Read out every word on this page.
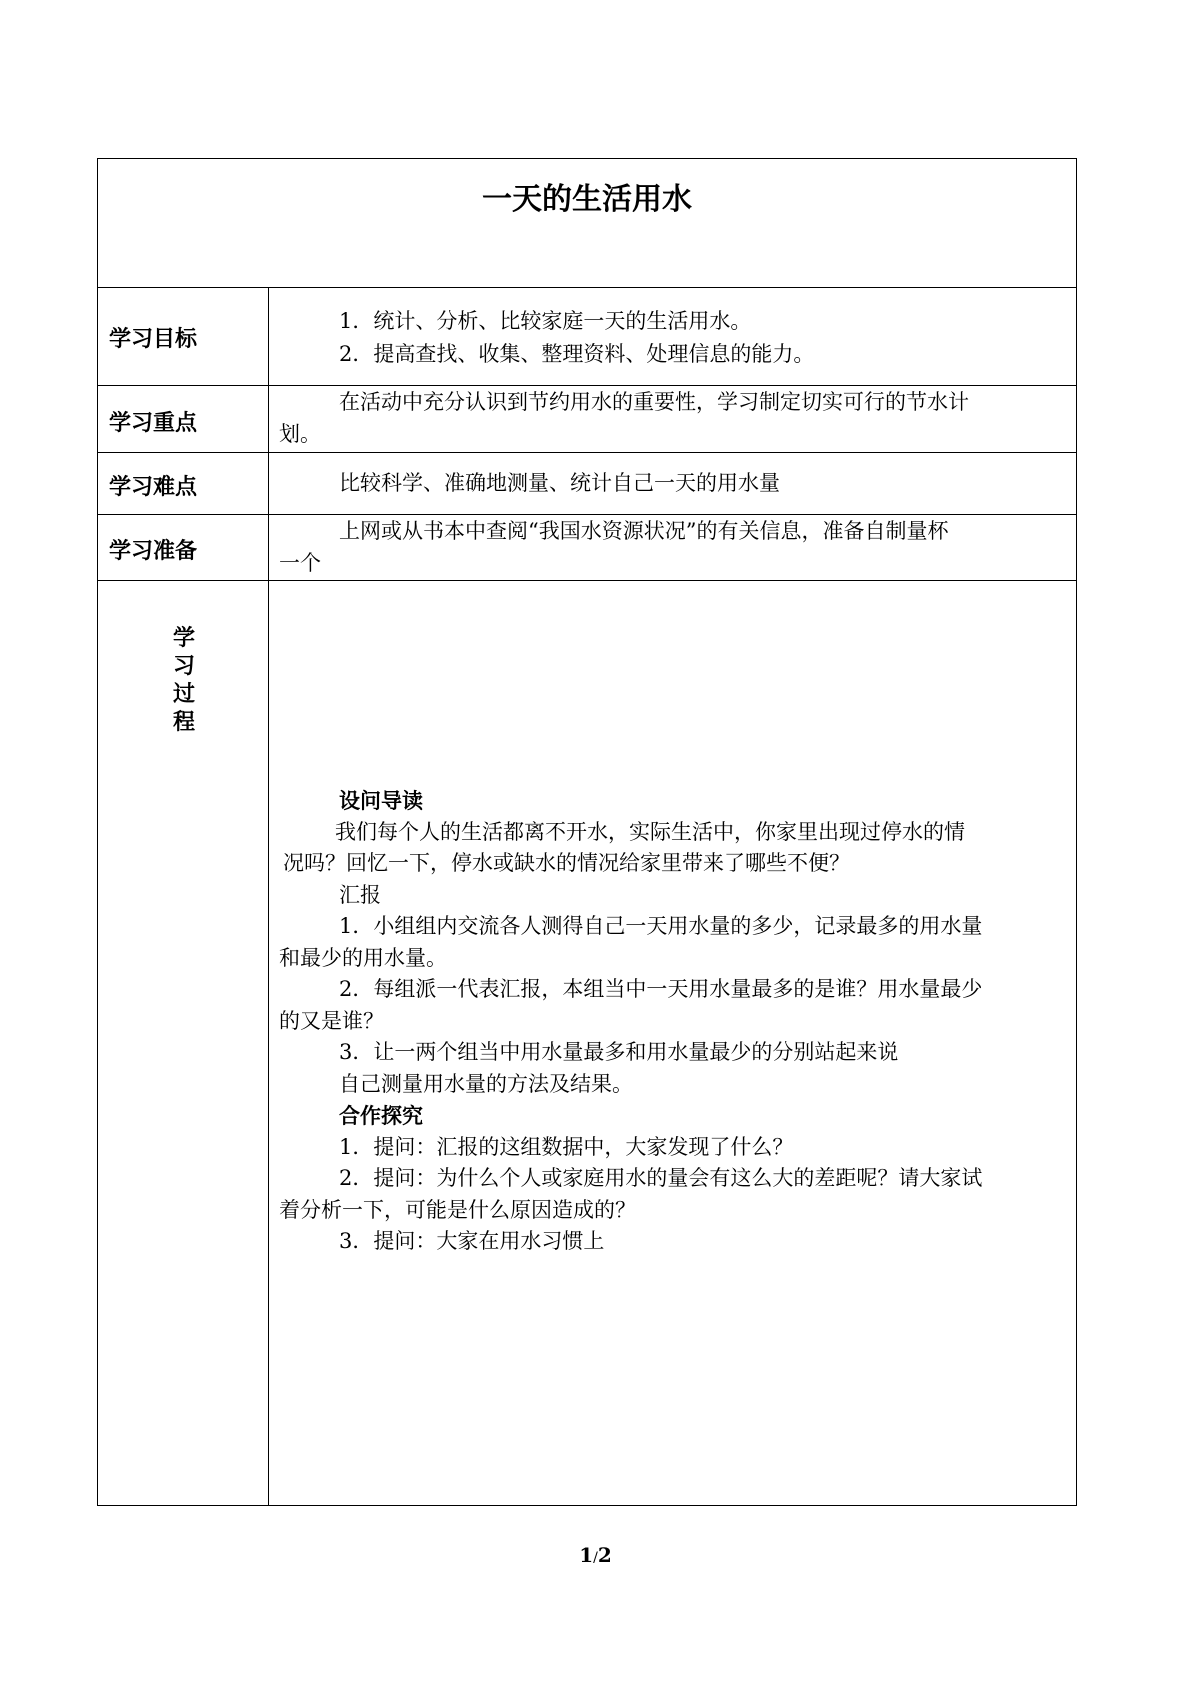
一天的生活用水
学习目标
1．统计、分析、比较家庭一天的生活用水。
2．提高查找、收集、整理资料、处理信息的能力。
学习重点
在活动中充分认识到节约用水的重要性，学习制定切实可行的节水计
划。
学习难点	比较科学、准确地测量、统计自己一天的用水量
学习准备
上网或从书本中查阅“我国水资源状况”的有关信息，准备自制量杯
一个
学
习
过
程
设问导读
我们每个人的生活都离不开水，实际生活中，你家里出现过停水的情
况吗？回忆一下，停水或缺水的情况给家里带来了哪些不便？
汇报
1．小组组内交流各人测得自己一天用水量的多少，记录最多的用水量
和最少的用水量。
2．每组派一代表汇报，本组当中一天用水量最多的是谁？用水量最少
的又是谁？
3．让一两个组当中用水量最多和用水量最少的分别站起来说
自己测量用水量的方法及结果。
合作探究
1．提问：汇报的这组数据中，大家发现了什么？
2．提问：为什么个人或家庭用水的量会有这么大的差距呢？请大家试
着分析一下，可能是什么原因造成的？
3．提问：大家在用水习惯上
1/2
